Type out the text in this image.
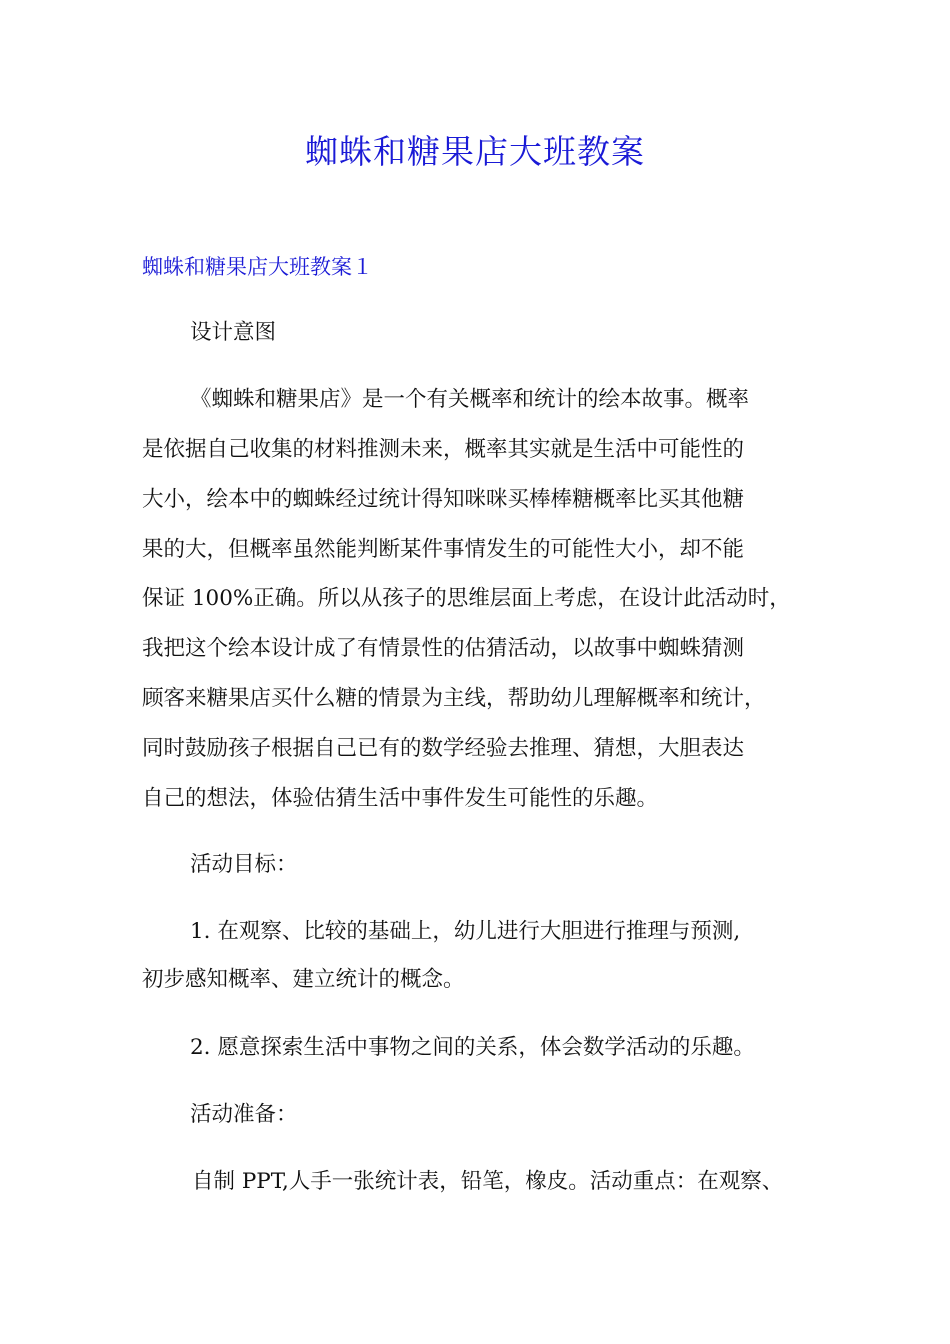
蜘蛛和糖果店大班教案
蜘蛛和糖果店大班教案１
设计意图
《蜘蛛和糖果店》是一个有关概率和统计的绘本故事。概率
是依据自己收集的材料推测未来，概率其实就是生活中可能性的
大小，绘本中的蜘蛛经过统计得知咪咪买棒棒糖概率比买其他糖
果的大，但概率虽然能判断某件事情发生的可能性大小，却不能
保证 100%正确。所以从孩子的思维层面上考虑，在设计此活动时，
我把这个绘本设计成了有情景性的估猜活动，以故事中蜘蛛猜测
顾客来糖果店买什么糖的情景为主线，帮助幼儿理解概率和统计，
同时鼓励孩子根据自己已有的数学经验去推理、猜想，大胆表达
自己的想法，体验估猜生活中事件发生可能性的乐趣。
活动目标：
1. 在观察、比较的基础上，幼儿进行大胆进行推理与预测,
初步感知概率、建立统计的概念。
2. 愿意探索生活中事物之间的关系，体会数学活动的乐趣。
活动准备：
自制 PPT,人手一张统计表，铅笔，橡皮。活动重点：在观察、
